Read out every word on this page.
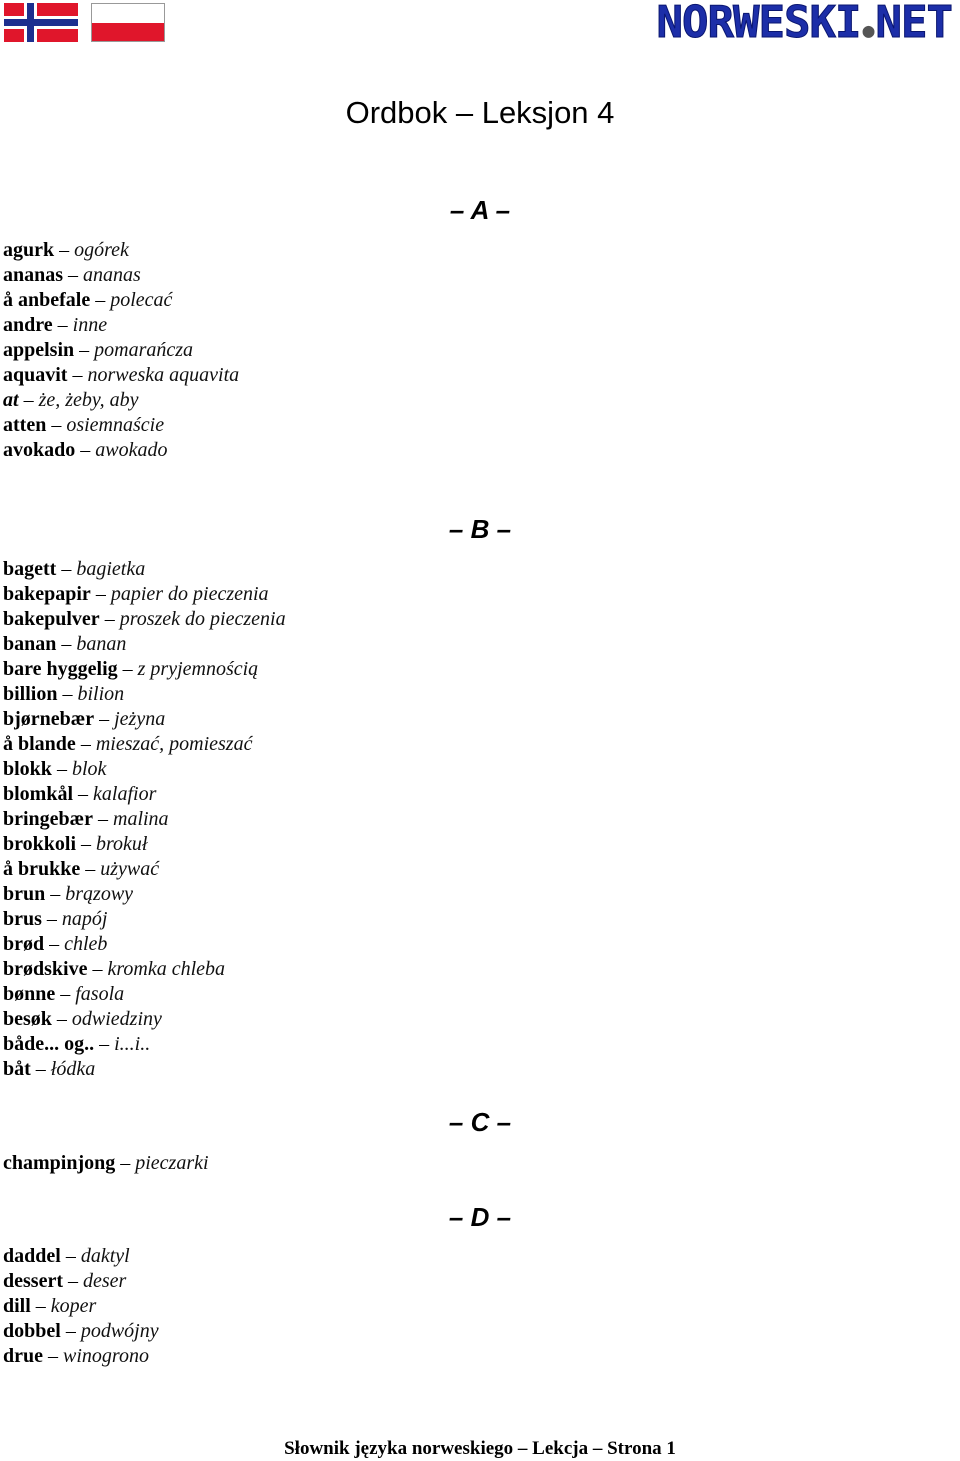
NORWESKI ●NET
Ordbok – Leksjon 4
– A –
agurk – ogórek
ananas – ananas
å anbefale – polecać
andre – inne
appelsin – pomarańcza
aquavit – norweska aquavita
at – że, żeby, aby
atten – osiemnaście
avokado – awokado
– B –
bagett – bagietka
bakepapir – papier do pieczenia
bakepulver – proszek do pieczenia
banan – banan
bare hyggelig – z pryjemnością
billion – bilion
bjørnebær – jeżyna
å blande – mieszać, pomieszać
blokk – blok
blomkål – kalafior
bringebær – malina
brokkoli – brokuł
å brukke – używać
brun – brązowy
brus – napój
brød – chleb
brødskive – kromka chleba
bønne – fasola
besøk – odwiedziny
både... og.. – i...i..
båt – łódka
– C –
champinjong – pieczarki
– D –
daddel – daktyl
dessert – deser
dill – koper
dobbel – podwójny
drue – winogrono
Słownik języka norweskiego – Lekcja – Strona 1
